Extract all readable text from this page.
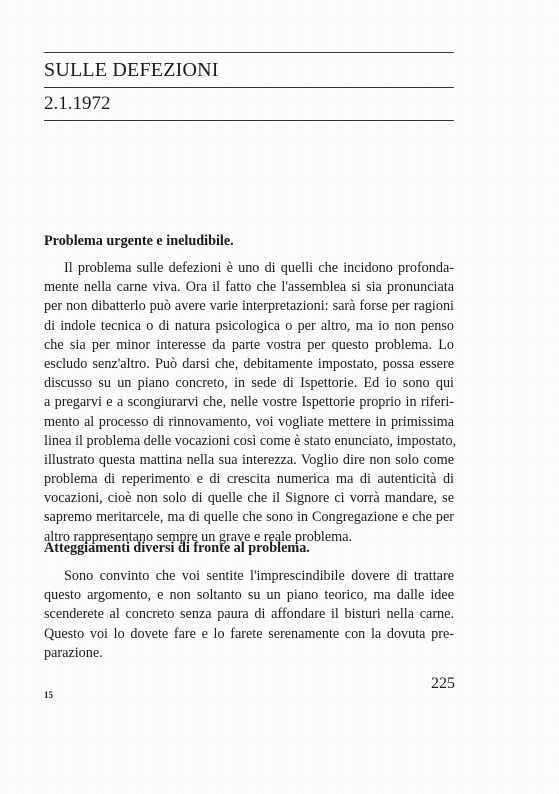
SULLE DEFEZIONI
2.1.1972
Problema urgente e ineludibile.
Il problema sulle defezioni è uno di quelli che incidono profonda-
mente nella carne viva. Ora il fatto che l'assemblea si sia pronunciata
per non dibatterlo può avere varie interpretazioni: sarà forse per ragioni
di indole tecnica o di natura psicologica o per altro, ma io non penso
che sia per minor interesse da parte vostra per questo problema. Lo
escludo senz'altro. Può darsi che, debitamente impostato, possa essere
discusso su un piano concreto, in sede di Ispettorie. Ed io sono qui
a pregarvi e a scongiurarvi che, nelle vostre Ispettorie proprio in riferi-
mento al processo di rinnovamento, voi vogliate mettere in primissima
linea il problema delle vocazioni così come è stato enunciato, impostato,
illustrato questa mattina nella sua interezza. Voglio dire non solo come
problema di reperimento e di crescita numerica ma di autenticità di
vocazioni, cioè non solo di quelle che il Signore ci vorrà mandare, se
sapremo meritarcele, ma di quelle che sono in Congregazione e che per
altro rappresentano sempre un grave e reale problema.
Atteggiamenti diversi di fronte al problema.
Sono convinto che voi sentite l'imprescindibile dovere di trattare
questo argomento, e non soltanto su un piano teorico, ma dalle idee
scenderete al concreto senza paura di affondare il bisturi nella carne.
Questo voi lo dovete fare e lo farete serenamente con la dovuta pre-
parazione.
225
15
